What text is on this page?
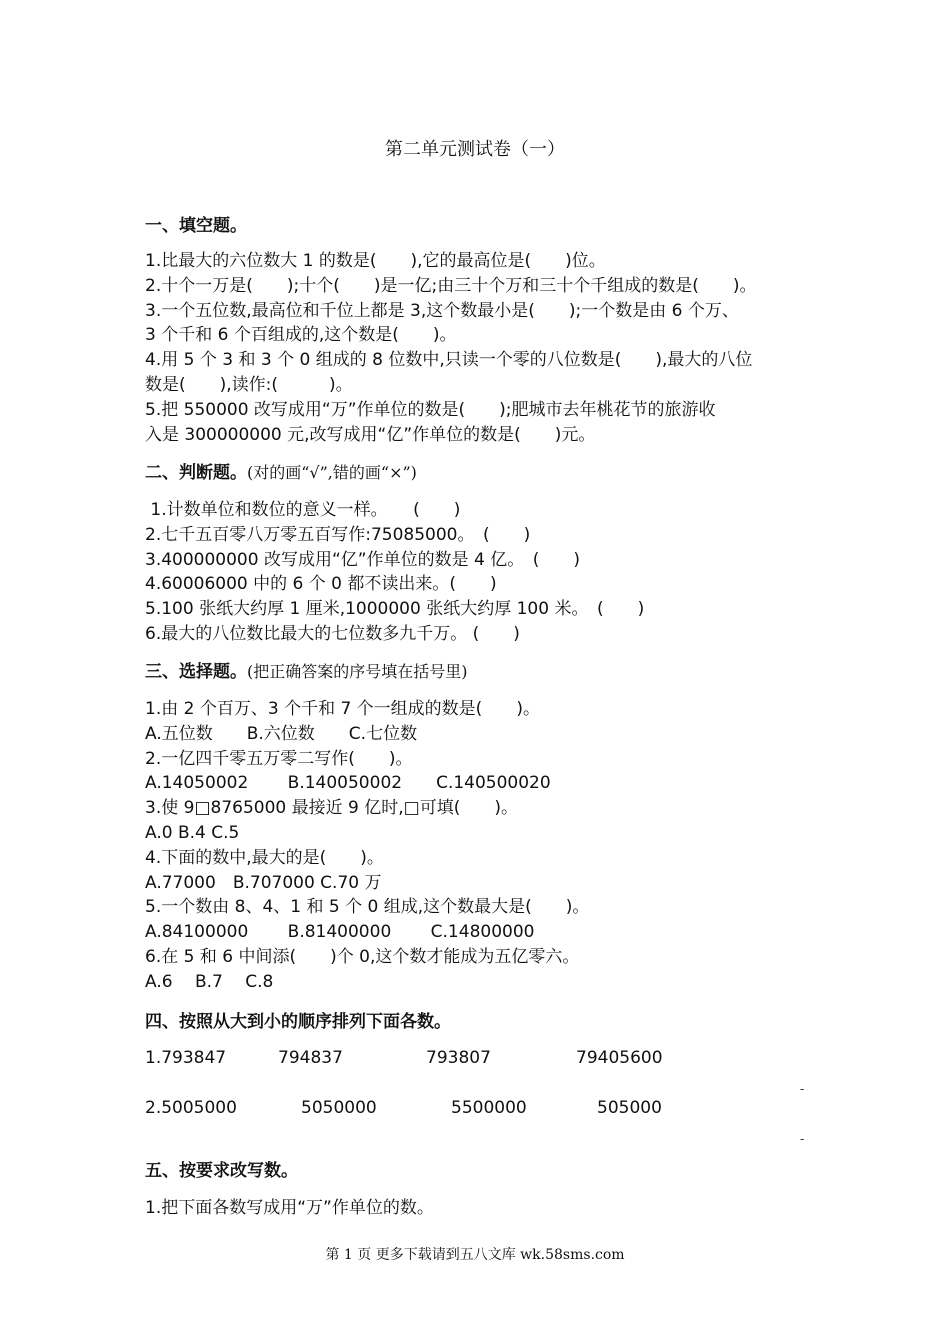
第二单元测试卷（一）
一、填空题。
1.比最大的六位数大 1 的数是(　　),它的最高位是(　　)位。
2.十个一万是(　　);十个(　　)是一亿;由三十个万和三十个千组成的数是(　　)。
3.一个五位数,最高位和千位上都是 3,这个数最小是(　　);一个数是由 6 个万、
3 个千和 6 个百组成的,这个数是(　　)。
4.用 5 个 3 和 3 个 0 组成的 8 位数中,只读一个零的八位数是(　　),最大的八位
数是(　　),读作:(　　　)。
5.把 550000 改写成用“万”作单位的数是(　　);肥城市去年桃花节的旅游收
入是 300000000 元,改写成用“亿”作单位的数是(　　)元。
二、判断题。(对的画“√”,错的画“×”)
1.计数单位和数位的意义一样。　　(　　)
2.七千五百零八万零五百写作:75085000。　(　　)
3.400000000 改写成用“亿”作单位的数是 4 亿。　(　　)
4.60006000 中的 6 个 0 都不读出来。(　　)
5.100 张纸大约厚 1 厘米,1000000 张纸大约厚 100 米。　(　　)
6.最大的八位数比最大的七位数多九千万。 (　　)
三、选择题。(把正确答案的序号填在括号里)
1.由 2 个百万、3 个千和 7 个一组成的数是(　　)。
A.五位数　　B.六位数　　C.七位数
2.一亿四千零五万零二写作(　　)。
A.14050002　　 B.140050002　　C.140500020
3.使 9□8765000 最接近 9 亿时,□可填(　　)。
A.0 B.4 C.5
4.下面的数中,最大的是(　　)。
A.77000　B.707000 C.70 万
5.一个数由 8、4、1 和 5 个 0 组成,这个数最大是(　　)。
A.84100000　　 B.81400000　　 C.14800000
6.在 5 和 6 中间添(　　)个 0,这个数才能成为五亿零六。
A.6　 B.7　 C.8
四、按照从大到小的顺序排列下面各数。
1.793847	794837	793807	79405600
-
2.5005000	5050000	5500000	505000
-
五、按要求改写数。
1.把下面各数写成用“万”作单位的数。
第 1 页 更多下载请到五八文库 wk.58sms.com
